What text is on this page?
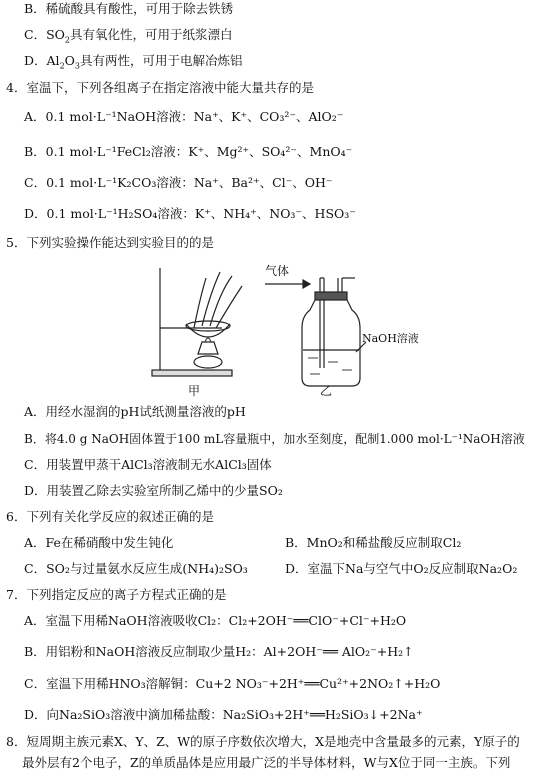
B．稀硫酸具有酸性，可用于除去铁锈
C．$SO_2$具有氧化性，可用于纸浆漂白
D．$Al_2O_3$具有两性，可用于电解冶炼铝
4．室温下，下列各组离子在指定溶液中能大量共存的是
A．0.1 mol·L⁻¹NaOH溶液：Na⁺、K⁺、CO₃²⁻、AlO₂⁻
B．0.1 mol·L⁻¹FeCl₂溶液：K⁺、Mg²⁺、SO₄²⁻、MnO₄⁻
C．0.1 mol·L⁻¹K₂CO₃溶液：Na⁺、Ba²⁺、Cl⁻、OH⁻
D．0.1 mol·L⁻¹H₂SO₄溶液：K⁺、NH₄⁺、NO₃⁻、HSO₃⁻
5．下列实验操作能达到实验目的的是
气体
NaOH溶液
甲	乙
A．用经水湿润的pH试纸测量溶液的pH
B．将4.0 g NaOH固体置于100 mL容量瓶中，加水至刻度，配制1.000 mol·L⁻¹NaOH溶液
C．用装置甲蒸干AlCl₃溶液制无水AlCl₃固体
D．用装置乙除去实验室所制乙烯中的少量SO₂
6．下列有关化学反应的叙述正确的是
A．Fe在稀硝酸中发生钝化	B．MnO₂和稀盐酸反应制取Cl₂
C．SO₂与过量氨水反应生成(NH₄)₂SO₃	D．室温下Na与空气中O₂反应制取Na₂O₂
7．下列指定反应的离子方程式正确的是
A．室温下用稀NaOH溶液吸收Cl₂：Cl₂+2OH⁻══ClO⁻+Cl⁻+H₂O
B．用铝粉和NaOH溶液反应制取少量H₂：Al+2OH⁻══ AlO₂⁻+H₂↑
C．室温下用稀HNO₃溶解铜：Cu+2 NO₃⁻+2H⁺══Cu²⁺+2NO₂↑+H₂O
D．向Na₂SiO₃溶液中滴加稀盐酸：Na₂SiO₃+2H⁺══H₂SiO₃↓+2Na⁺
8．短周期主族元素X、Y、Z、W的原子序数依次增大，X是地壳中含量最多的元素，Y原子的
最外层有2个电子，Z的单质晶体是应用最广泛的半导体材料，W与X位于同一主族。下列
